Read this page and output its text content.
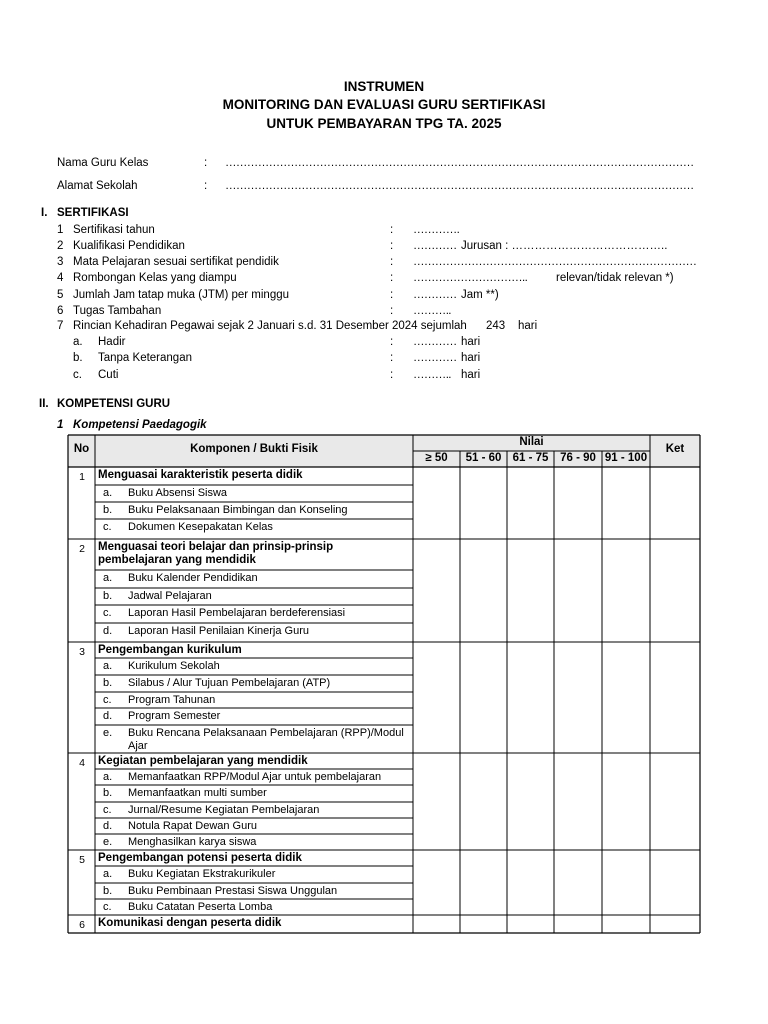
INSTRUMEN
MONITORING DAN EVALUASI GURU SERTIFIKASI
UNTUK PEMBAYARAN TPG TA. 2025
Nama Guru Kelas	: …………………………………………………………………………………………………………………
Alamat Sekolah	: …………………………………………………………………………………………………………………
I. SERTIFIKASI
1 Sertifikasi tahun	: ………….
2 Kualifikasi Pendidikan	: ………… Jurusan : …………………………………..
3 Mata Pelajaran sesuai sertifikat pendidik	: ……………………………………………………………………
4 Rombongan Kelas yang diampu	: …………………………..	relevan/tidak relevan *)
5 Jumlah Jam tatap muka (JTM) per minggu	: ………… Jam **)
6 Tugas Tambahan	: ………..
7 Rincian Kehadiran Pegawai sejak 2 Januari s.d. 31 Desember 2024 sejumlah 243 hari
a. Hadir	: ………… hari
b. Tanpa Keterangan	: ………… hari
c. Cuti	: ……….. hari
II. KOMPETENSI GURU
1 Kompetensi Paedagogik
No	Komponen / Bukti Fisik
Nilai
≥ 50	51 - 60 61 - 75	76 - 90 91 - 100
Ket
1	Menguasai karakteristik peserta didik
a. Buku Absensi Siswa
b. Buku Pelaksanaan Bimbingan dan Konseling
c. Dokumen Kesepakatan Kelas
2	Menguasai teori belajar dan prinsip-prinsip pembelajaran yang mendidik
a. Buku Kalender Pendidikan
b. Jadwal Pelajaran
c. Laporan Hasil Pembelajaran berdeferensiasi
d. Laporan Hasil Penilaian Kinerja Guru
3	Pengembangan kurikulum
a. Kurikulum Sekolah
b. Silabus / Alur Tujuan Pembelajaran (ATP)
c. Program Tahunan
d. Program Semester
e. Buku Rencana Pelaksanaan Pembelajaran (RPP)/Modul Ajar
4	Kegiatan pembelajaran yang mendidik
a. Memanfaatkan RPP/Modul Ajar untuk pembelajaran
b. Memanfaatkan multi sumber
c. Jurnal/Resume Kegiatan Pembelajaran
d. Notula Rapat Dewan Guru
e. Menghasilkan karya siswa
5	Pengembangan potensi peserta didik
a. Buku Kegiatan Ekstrakurikuler
b. Buku Pembinaan Prestasi Siswa Unggulan
c. Buku Catatan Peserta Lomba
6	Komunikasi dengan peserta didik
